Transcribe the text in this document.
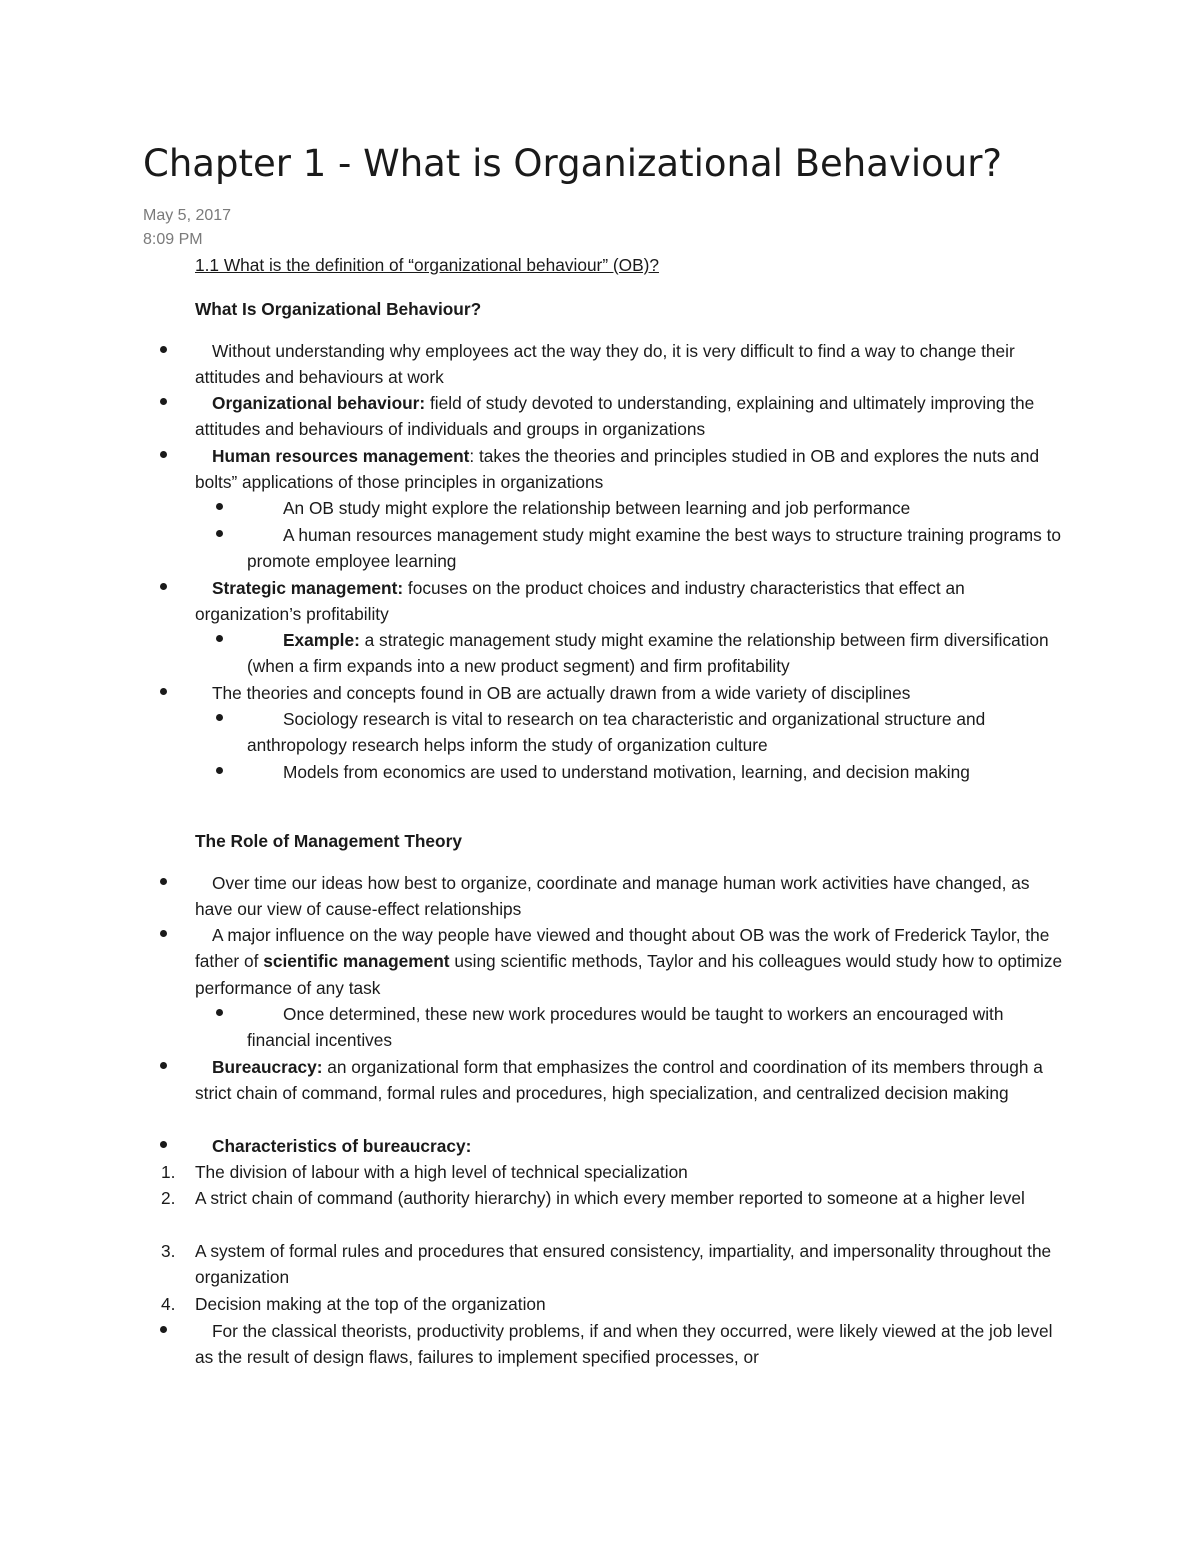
Chapter 1 - What is Organizational Behaviour?
May 5, 2017
8:09 PM
1.1 What is the definition of “organizational behaviour” (OB)?
What Is Organizational Behaviour?
Without understanding why employees act the way they do, it is very difficult to find a way to change their attitudes and behaviours at work
Organizational behaviour: field of study devoted to understanding, explaining and ultimately improving the attitudes and behaviours of individuals and groups in organizations
Human resources management: takes the theories and principles studied in OB and explores the nuts and bolts” applications of those principles in organizations
An OB study might explore the relationship between learning and job performance
A human resources management study might examine the best ways to structure training programs to promote employee learning
Strategic management: focuses on the product choices and industry characteristics that effect an organization’s profitability
Example: a strategic management study might examine the relationship between firm diversification (when a firm expands into a new product segment) and firm profitability
The theories and concepts found in OB are actually drawn from a wide variety of disciplines
Sociology research is vital to research on tea characteristic and organizational structure and anthropology research helps inform the study of organization culture
Models from economics are used to understand motivation, learning, and decision making
The Role of Management Theory
Over time our ideas how best to organize, coordinate and manage human work activities have changed, as have our view of cause-effect relationships
A major influence on the way people have viewed and thought about OB was the work of Frederick Taylor, the father of scientific management using scientific methods, Taylor and his colleagues would study how to optimize performance of any task
Once determined, these new work procedures would be taught to workers an encouraged with financial incentives
Bureaucracy: an organizational form that emphasizes the control and coordination of its members through a strict chain of command, formal rules and procedures, high specialization, and centralized decision making
Characteristics of bureaucracy:
1.	The division of labour with a high level of technical specialization
2.	A strict chain of command (authority hierarchy) in which every member reported to someone at a higher level
3.	A system of formal rules and procedures that ensured consistency, impartiality, and impersonality throughout the organization
4.	Decision making at the top of the organization
For the classical theorists, productivity problems, if and when they occurred, were likely viewed at the job level as the result of design flaws, failures to implement specified processes, or
